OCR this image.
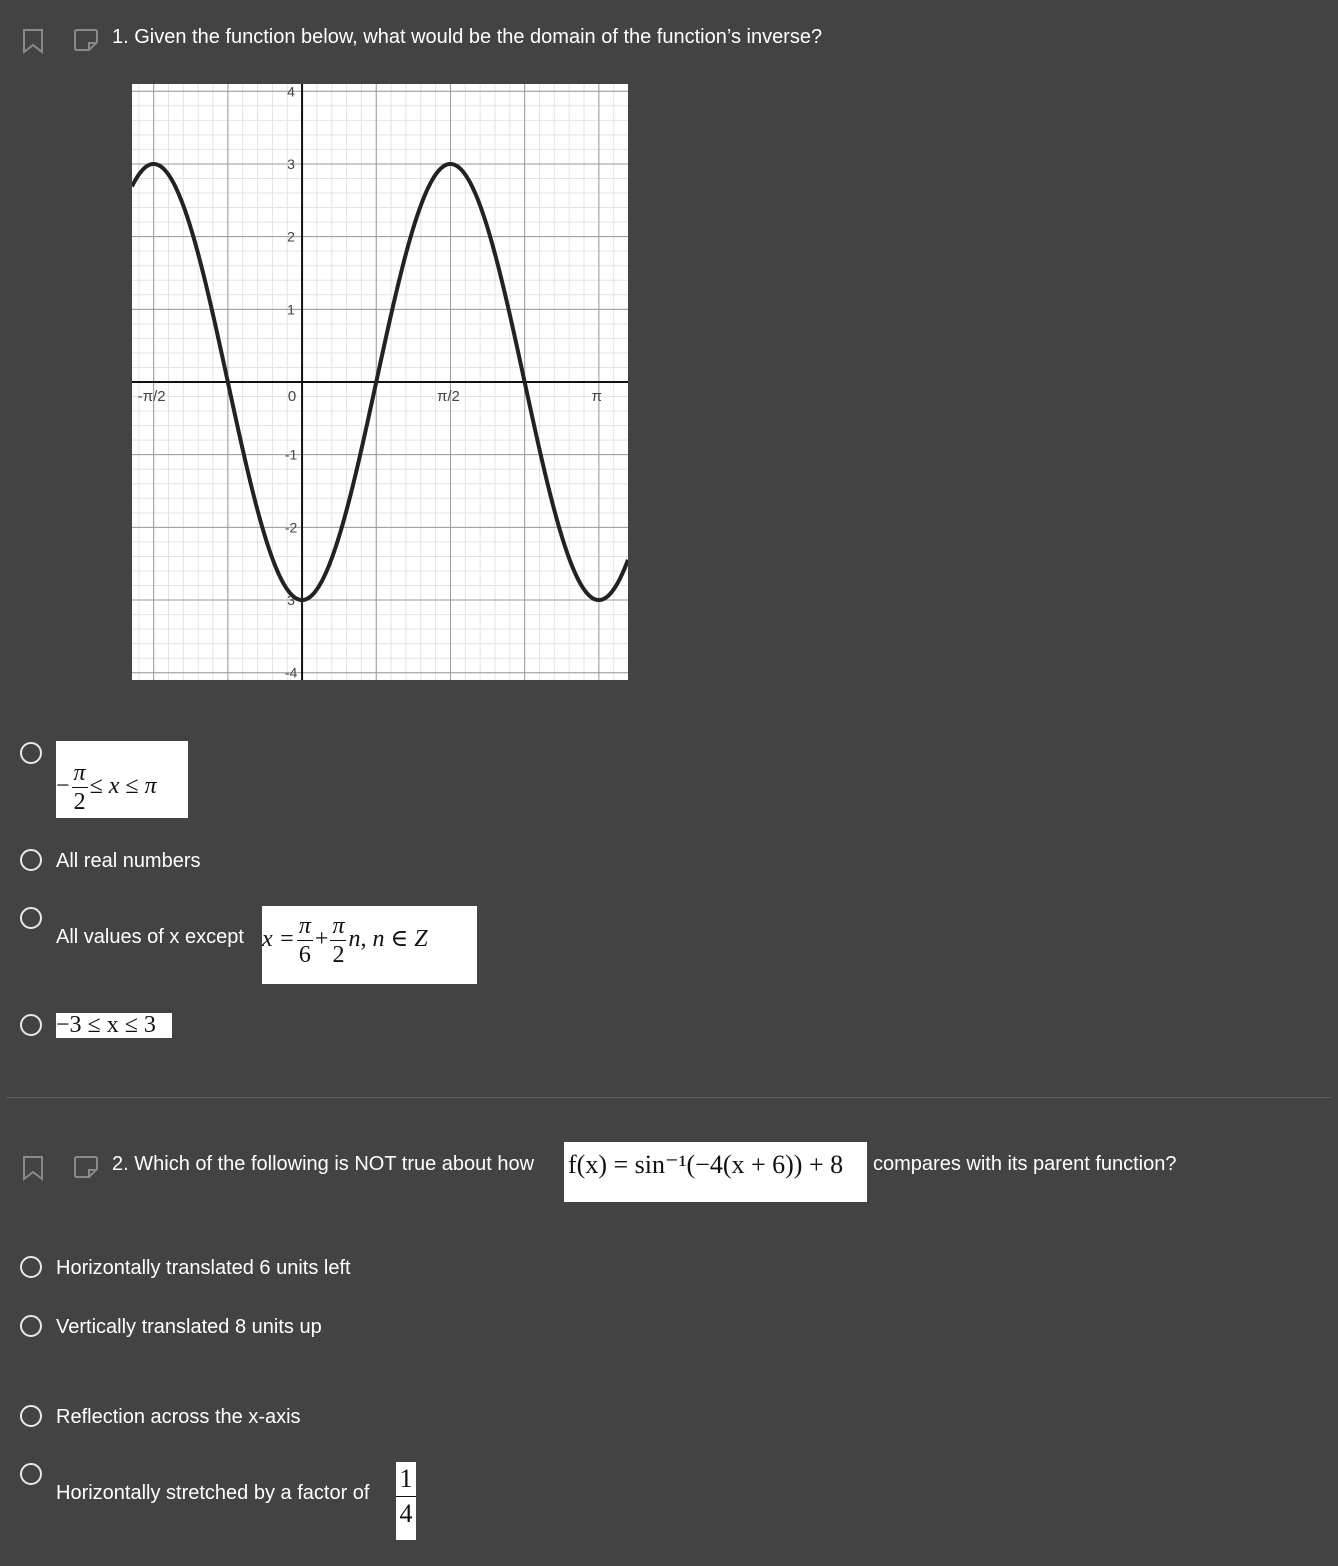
1. Given the function below, what would be the domain of the function’s inverse?
-π/2	0	π/2	π
4
3
2
1
-1
-2
3
-4
− $\frac{\pi}{2} \le x \le \pi$
All real numbers
All values of x except $x = \frac{\pi}{6} + \frac{\pi}{2} n$, n ∈ Z
−3 ≤ x ≤ 3
2. Which of the following is NOT true about how f(x) = sin⁻¹(−4(x + 6)) + 8	compares with its parent function?
Horizontally translated 6 units left
Vertically translated 8 units up
Reflection across the x-axis
Horizontally stretched by a factor of 1
4
